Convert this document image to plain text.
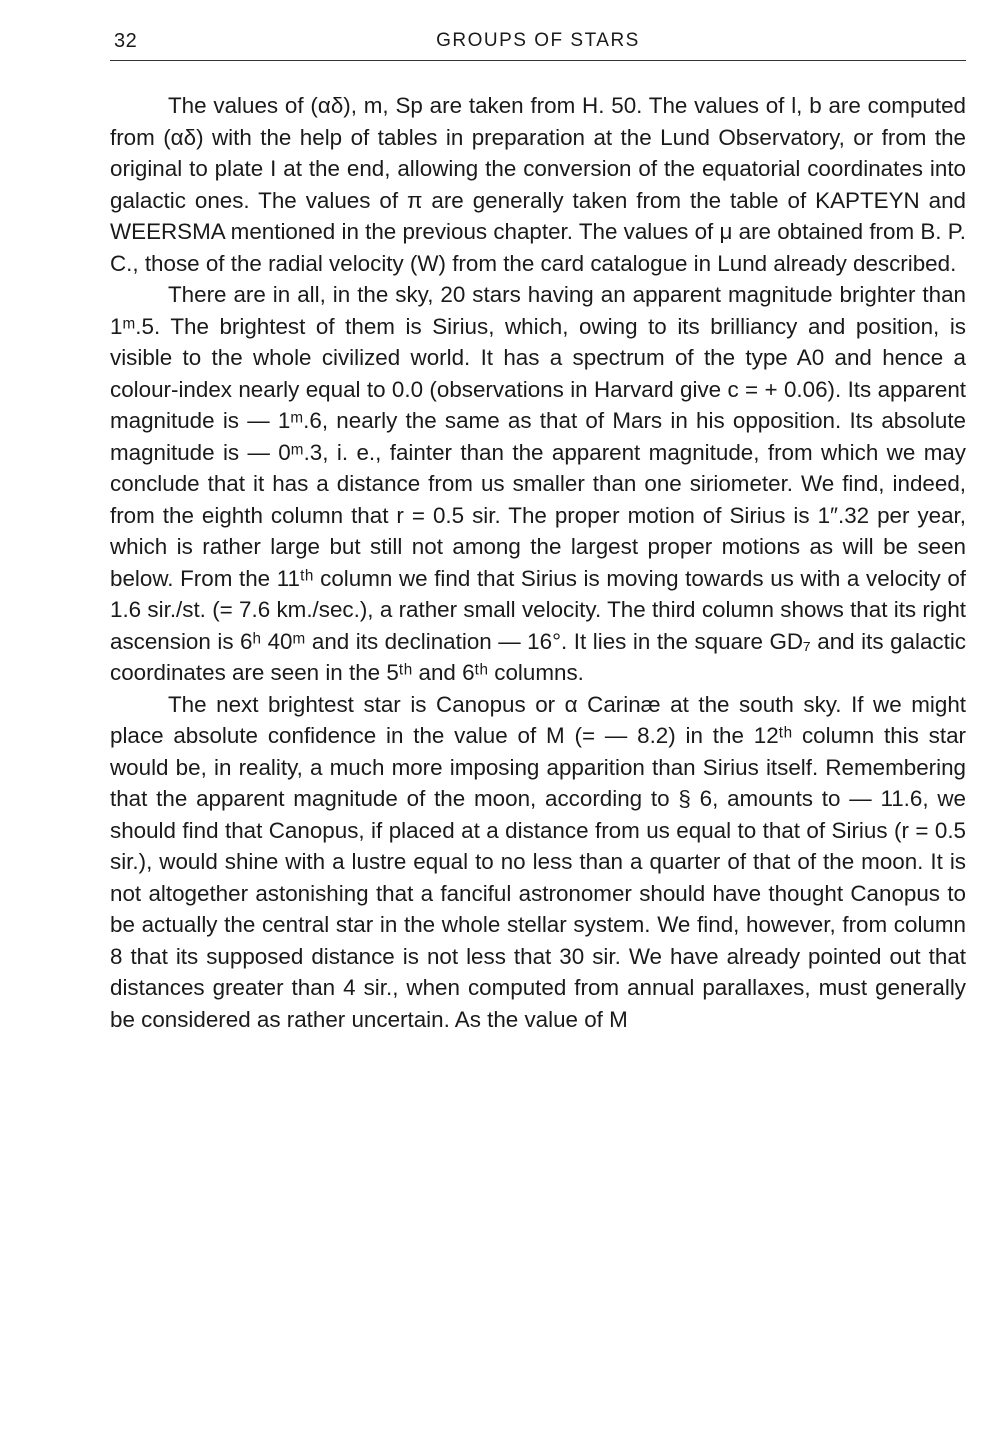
32	GROUPS OF STARS

The values of (αδ), m, Sp are taken from H. 50. The values of l, b are computed from (αδ) with the help of tables in preparation at the Lund Observatory, or from the original to plate I at the end, allowing the conversion of the equatorial coordinates into galactic ones. The values of π are generally taken from the table of KAPTEYN and WEERSMA mentioned in the previous chapter. The values of μ are obtained from B. P. C., those of the radial velocity (W) from the card catalogue in Lund already described.

There are in all, in the sky, 20 stars having an apparent magnitude brighter than 1ᵐ.5. The brightest of them is Sirius, which, owing to its brilliancy and position, is visible to the whole civilized world. It has a spectrum of the type A0 and hence a colour-index nearly equal to 0.0 (observations in Harvard give c = + 0.06). Its apparent magnitude is — 1ᵐ.6, nearly the same as that of Mars in his opposition. Its absolute magnitude is — 0ᵐ.3, i. e., fainter than the apparent magnitude, from which we may conclude that it has a distance from us smaller than one siriometer. We find, indeed, from the eighth column that r = 0.5 sir. The proper motion of Sirius is 1″.32 per year, which is rather large but still not among the largest proper motions as will be seen below. From the 11ᵗʰ column we find that Sirius is moving towards us with a velocity of 1.6 sir./st. (= 7.6 km./sec.), a rather small velocity. The third column shows that its right ascension is 6ʰ 40ᵐ and its declination — 16°. It lies in the square GD₇ and its galactic coordinates are seen in the 5ᵗʰ and 6ᵗʰ columns.

The next brightest star is Canopus or α Carinæ at the south sky. If we might place absolute confidence in the value of M (= — 8.2) in the 12ᵗʰ column this star would be, in reality, a much more imposing apparition than Sirius itself. Remembering that the apparent magnitude of the moon, according to § 6, amounts to — 11.6, we should find that Canopus, if placed at a distance from us equal to that of Sirius (r = 0.5 sir.), would shine with a lustre equal to no less than a quarter of that of the moon. It is not altogether astonishing that a fanciful astronomer should have thought Canopus to be actually the central star in the whole stellar system. We find, however, from column 8 that its supposed distance is not less that 30 sir. We have already pointed out that distances greater than 4 sir., when computed from annual parallaxes, must generally be considered as rather uncertain. As the value of M
